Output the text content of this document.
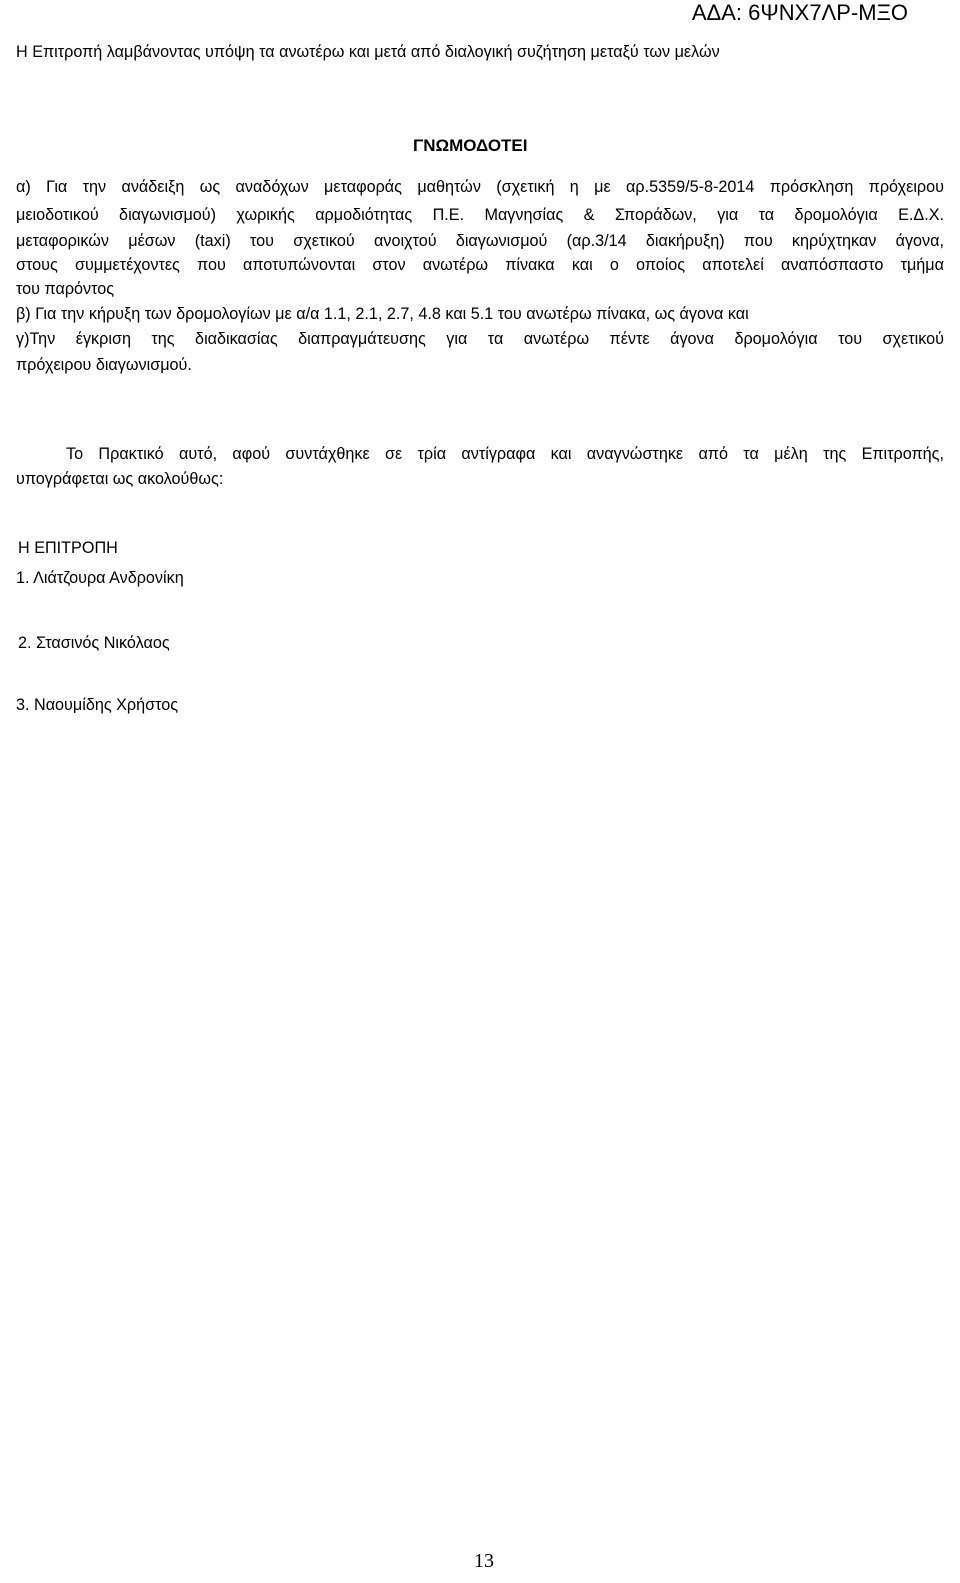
ΑΔΑ: 6ΨΝΧ7ΛΡ-ΜΞΟ
Η Επιτροπή λαμβάνοντας υπόψη τα ανωτέρω και μετά από διαλογική συζήτηση μεταξύ των μελών
ΓΝΩΜΟΔΟΤΕΙ
α) Για την ανάδειξη ως αναδόχων μεταφοράς μαθητών (σχετική η με αρ.5359/5-8-2014 πρόσκληση πρόχειρου
μειοδοτικού διαγωνισμού) χωρικής αρμοδιότητας Π.Ε. Μαγνησίας & Σποράδων, για τα δρομολόγια Ε.Δ.Χ.
μεταφορικών μέσων (taxi) του σχετικού ανοιχτού διαγωνισμού (αρ.3/14 διακήρυξη) που κηρύχτηκαν άγονα,
στους συμμετέχοντες που αποτυπώνονται στον ανωτέρω πίνακα και ο οποίος αποτελεί αναπόσπαστο τμήμα
του παρόντος
β) Για την κήρυξη των δρομολογίων με α/α 1.1, 2.1, 2.7, 4.8 και 5.1 του ανωτέρω πίνακα, ως άγονα και
γ)Την έγκριση της διαδικασίας διαπραγμάτευσης για τα ανωτέρω πέντε άγονα δρομολόγια του σχετικού
πρόχειρου διαγωνισμού.
Το Πρακτικό αυτό, αφού συντάχθηκε σε τρία αντίγραφα και αναγνώστηκε από τα μέλη της Επιτροπής,
υπογράφεται ως ακολούθως:
Η ΕΠΙΤΡΟΠΗ
1. Λιάτζουρα Ανδρονίκη
2. Στασινός Νικόλαος
3. Ναουμίδης Χρήστος
13
